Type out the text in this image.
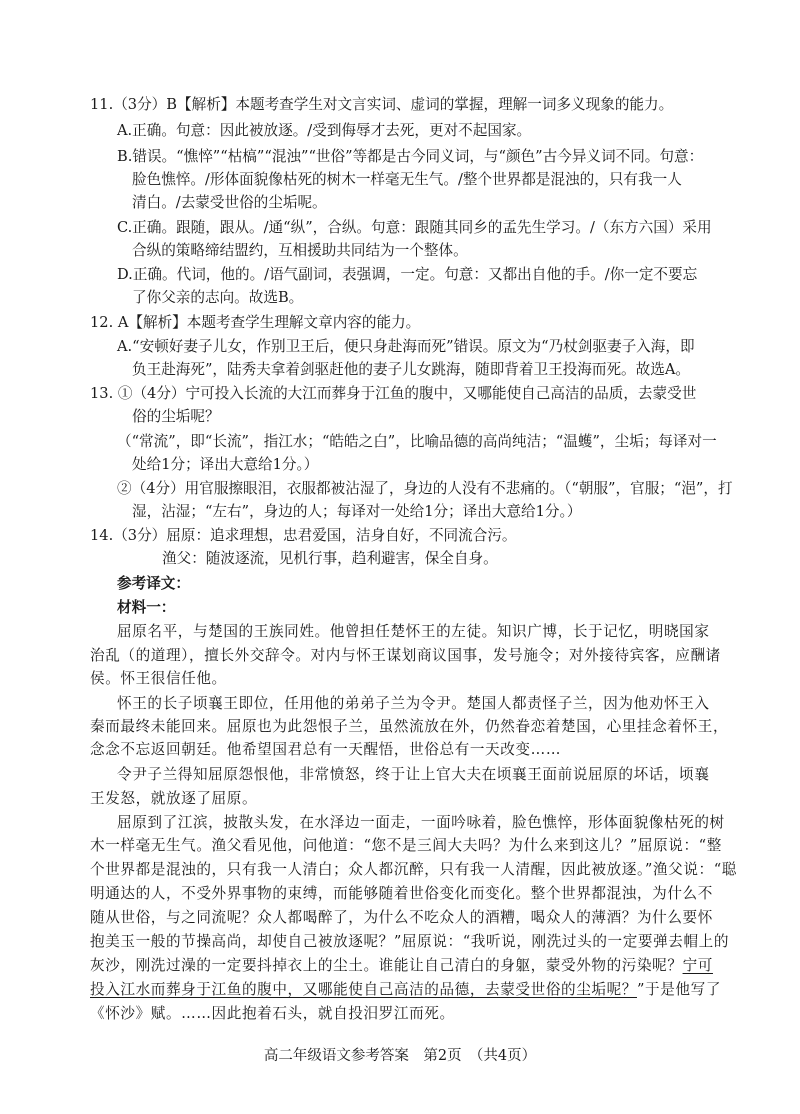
11.（3分）B【解析】本题考查学生对文言实词、虚词的掌握，理解一词多义现象的能力。
A.正确。句意：因此被放逐。/受到侮辱才去死，更对不起国家。
B.错误。“憔悴”“枯槁”“混浊”“世俗”等都是古今同义词，与“颜色”古今异义词不同。句意：
脸色憔悴。/形体面貌像枯死的树木一样毫无生气。/整个世界都是混浊的，只有我一人
清白。/去蒙受世俗的尘垢呢。
C.正确。跟随，跟从。/通“纵”，合纵。句意：跟随其同乡的孟先生学习。/（东方六国）采用
合纵的策略缔结盟约，互相援助共同结为一个整体。
D.正确。代词，他的。/语气副词，表强调，一定。句意：又都出自他的手。/你一定不要忘
了你父亲的志向。故选B。
12. A【解析】本题考查学生理解文章内容的能力。
A.“安顿好妻子儿女，作别卫王后，便只身赴海而死”错误。原文为“乃杖剑驱妻子入海，即
负王赴海死”，陆秀夫拿着剑驱赶他的妻子儿女跳海，随即背着卫王投海而死。故选A。
13. ①（4分）宁可投入长流的大江而葬身于江鱼的腹中，又哪能使自己高洁的品质，去蒙受世
俗的尘垢呢？
（“常流”，即“长流”，指江水；“皓皓之白”，比喻品德的高尚纯洁；“温蠖”，尘垢；每译对一
处给1分；译出大意给1分。）
②（4分）用官服擦眼泪，衣服都被沾湿了，身边的人没有不悲痛的。（“朝服”，官服；“浥”，打
湿，沾湿；“左右”，身边的人；每译对一处给1分；译出大意给1分。）
14.（3分）屈原：追求理想，忠君爱国，洁身自好，不同流合污。
渔父：随波逐流，见机行事，趋利避害，保全自身。
参考译文：
材料一：
屈原名平，与楚国的王族同姓。他曾担任楚怀王的左徒。知识广博，长于记忆，明晓国家
治乱（的道理），擅长外交辞令。对内与怀王谋划商议国事，发号施令；对外接待宾客，应酬诸
侯。怀王很信任他。
怀王的长子顷襄王即位，任用他的弟弟子兰为令尹。楚国人都责怪子兰，因为他劝怀王入
秦而最终未能回来。屈原也为此怨恨子兰，虽然流放在外，仍然眷恋着楚国，心里挂念着怀王，
念念不忘返回朝廷。他希望国君总有一天醒悟，世俗总有一天改变……
令尹子兰得知屈原怨恨他，非常愤怒，终于让上官大夫在顷襄王面前说屈原的坏话，顷襄
王发怒，就放逐了屈原。
屈原到了江滨，披散头发，在水泽边一面走，一面吟咏着，脸色憔悴，形体面貌像枯死的树
木一样毫无生气。渔父看见他，问他道：“您不是三闾大夫吗？为什么来到这儿？”屈原说：“整
个世界都是混浊的，只有我一人清白；众人都沉醉，只有我一人清醒，因此被放逐。”渔父说：“聪
明通达的人，不受外界事物的束缚，而能够随着世俗变化而变化。整个世界都混浊，为什么不
随从世俗，与之同流呢？众人都喝醉了，为什么不吃众人的酒糟，喝众人的薄酒？为什么要怀
抱美玉一般的节操高尚，却使自己被放逐呢？”屈原说：“我听说，刚洗过头的一定要弹去帽上的
灰沙，刚洗过澡的一定要抖掉衣上的尘土。谁能让自己清白的身躯，蒙受外物的污染呢？宁可
投入江水而葬身于江鱼的腹中，又哪能使自己高洁的品德，去蒙受世俗的尘垢呢？”于是他写了
《怀沙》赋。……因此抱着石头，就自投汨罗江而死。
高二年级语文参考答案　第2页　（共4页）
